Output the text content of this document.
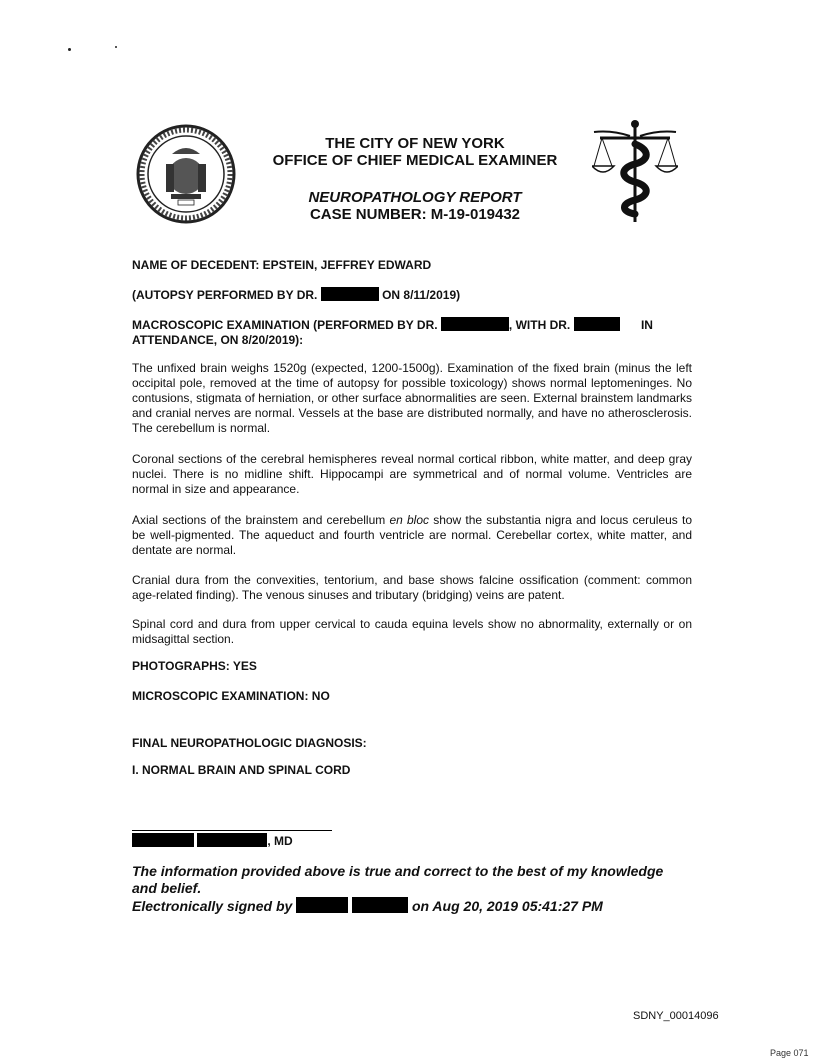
THE CITY OF NEW YORK
OFFICE OF CHIEF MEDICAL EXAMINER
NEUROPATHOLOGY REPORT
CASE NUMBER: M-19-019432
NAME OF DECEDENT: EPSTEIN, JEFFREY EDWARD
(AUTOPSY PERFORMED BY DR.	ON 8/11/2019)
MACROSCOPIC EXAMINATION (PERFORMED BY DR.	, WITH DR.	IN
ATTENDANCE, ON 8/20/2019):
The unfixed brain weighs 1520g (expected, 1200-1500g). Examination of the fixed brain (minus the left occipital pole, removed at the time of autopsy for possible toxicology) shows normal leptomeninges. No contusions, stigmata of herniation, or other surface abnormalities are seen. External brainstem landmarks and cranial nerves are normal. Vessels at the base are distributed normally, and have no atherosclerosis. The cerebellum is normal.
Coronal sections of the cerebral hemispheres reveal normal cortical ribbon, white matter, and deep gray nuclei. There is no midline shift. Hippocampi are symmetrical and of normal volume. Ventricles are normal in size and appearance.
Axial sections of the brainstem and cerebellum en bloc show the substantia nigra and locus ceruleus to be well-pigmented. The aqueduct and fourth ventricle are normal. Cerebellar cortex, white matter, and dentate are normal.
Cranial dura from the convexities, tentorium, and base shows falcine ossification (comment: common age-related finding). The venous sinuses and tributary (bridging) veins are patent.
Spinal cord and dura from upper cervical to cauda equina levels show no abnormality, externally or on midsagittal section.
PHOTOGRAPHS: YES
MICROSCOPIC EXAMINATION: NO
FINAL NEUROPATHOLOGIC DIAGNOSIS:
I. NORMAL BRAIN AND SPINAL CORD
, MD
The information provided above is true and correct to the best of my knowledge and belief.
Electronically signed by	on Aug 20, 2019 05:41:27 PM
SDNY_00014096
Page 071
